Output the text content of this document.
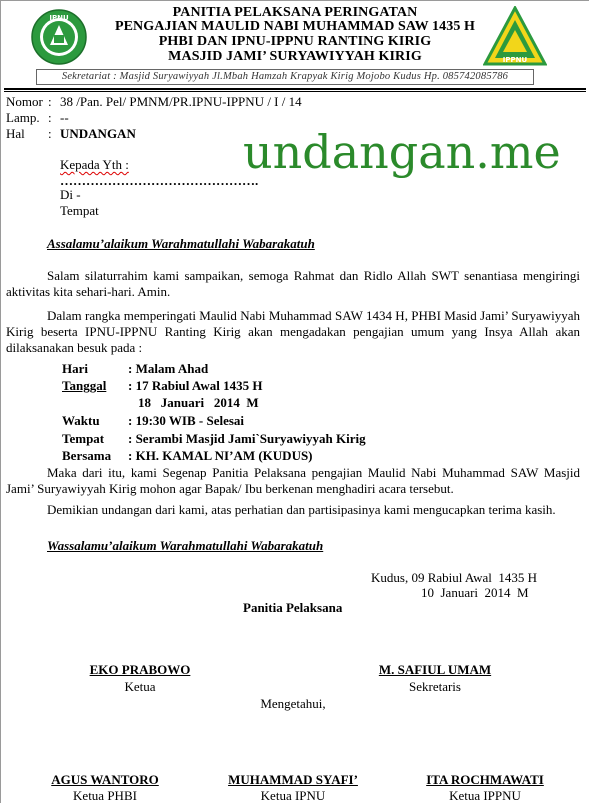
IPNU
IPPNU
PANITIA PELAKSANA PERINGATAN
PENGAJIAN MAULID NABI MUHAMMAD SAW 1435 H
PHBI DAN IPNU-IPPNU RANTING KIRIG
MASJID JAMI’ SURYAWIYYAH KIRIG
Sekretariat : Masjid Suryawiyyah Jl.Mbah Hamzah Krapyak Kirig Mojobo Kudus Hp. 085742085786
undangan.me
Nomor : 38 /Pan. Pel/ PMNM/PR.IPNU-IPPNU / I / 14
Lamp. : --
Hal : UNDANGAN
Kepada Yth :
……………………………………….
Di -
Tempat
Assalamu’alaikum Warahmatullahi Wabarakatuh

Salam silaturrahim kami sampaikan, semoga Rahmat dan Ridlo Allah SWT senantiasa mengiringi aktivitas kita sehari-hari. Amin.

Dalam rangka memperingati Maulid Nabi Muhammad SAW 1434 H, PHBI Masid Jami’ Suryawiyyah Kirig beserta IPNU-IPPNU Ranting Kirig akan mengadakan pengajian umum yang Insya Allah akan dilaksanakan besuk pada :

Hari	: Malam Ahad
Tanggal : 17 Rabiul Awal 1435 H
18   Januari   2014  M
Waktu : 19:30 WIB - Selesai
Tempat : Serambi Masjid Jami`Suryawiyyah Kirig
Bersama : KH. KAMAL NI’AM (KUDUS)

Maka dari itu, kami Segenap Panitia Pelaksana pengajian Maulid Nabi Muhammad SAW Masjid Jami’ Suryawiyyah Kirig mohon agar Bapak/ Ibu berkenan menghadiri acara tersebut.

Demikian undangan dari kami, atas perhatian dan partisipasinya kami mengucapkan terima kasih.

Wassalamu’alaikum Warahmatullahi Wabarakatuh
Kudus, 09 Rabiul Awal  1435 H
10  Januari  2014  M
Panitia Pelaksana
EKO PRABOWO
Ketua
M. SAFIUL UMAM
Sekretaris
Mengetahui,
AGUS WANTORO
Ketua PHBI
MUHAMMAD SYAFI’
Ketua IPNU
ITA ROCHMAWATI
Ketua IPPNU
